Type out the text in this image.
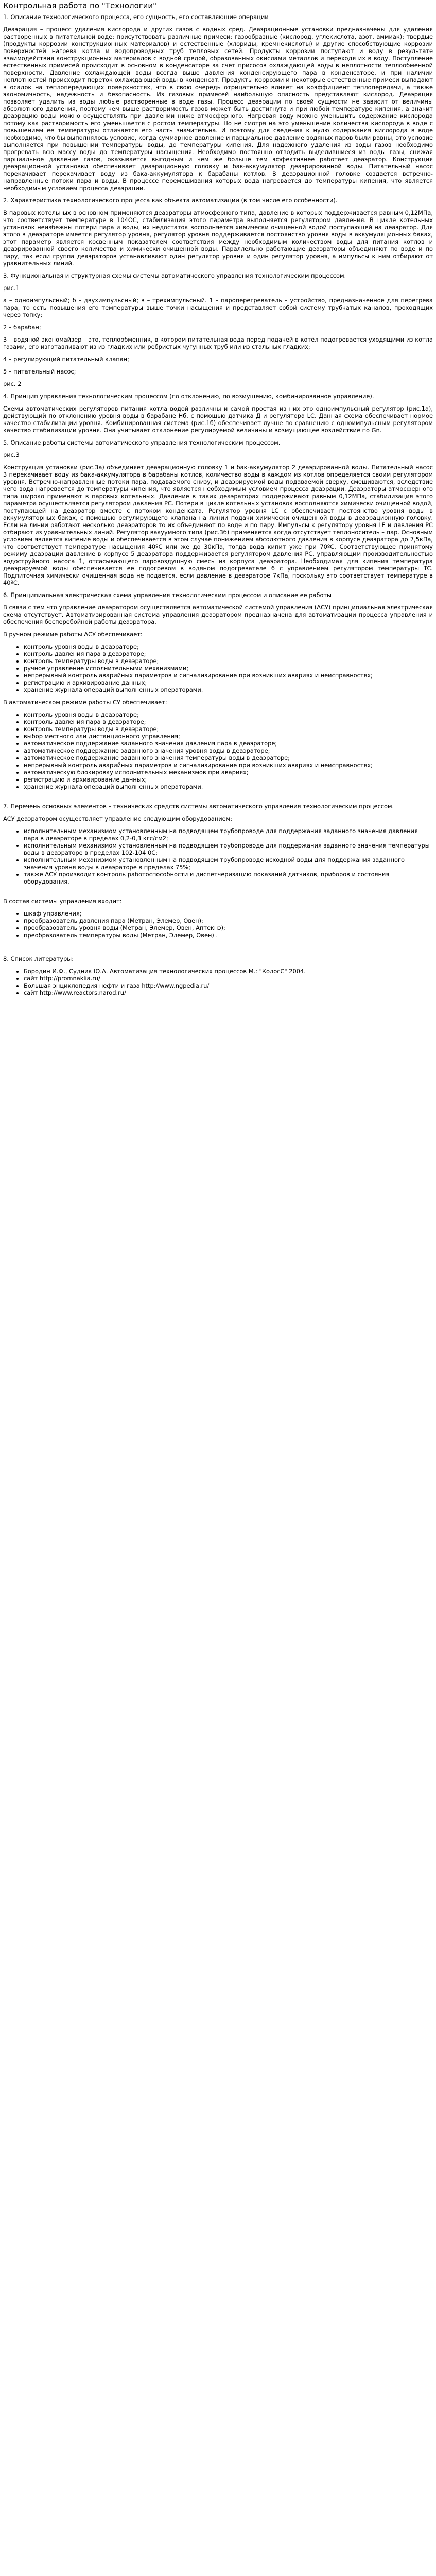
Контрольная работа по "Технологии"

1. Описание технологического процесса, его сущность, его составляющие операции

Деаэрация – процесс удаления кислорода и других газов с водных сред. Деаэрационные установки предназначены для удаления растворенных в питательной воде; присутствовать различные примеси: газообразные (кислород, углекислота, азот, аммиак); твердые (продукты коррозии конструкционных материалов) и естественные (хлориды, кремнекислоты) и другие способствующие коррозии поверхностей нагрева котла и водопроводных труб тепловых сетей. Продукты коррозии поступают и воду в результате взаимодействия конструкционных материалов с водной средой, образованных окислами металлов и переходя их в воду. Поступление естественных примесей происходит в основном в конденсаторе за счет присосов охлаждающей воды в неплотности теплообменной поверхности. Давление охлаждающей воды всегда выше давления конденсирующего пара в конденсаторе, и при наличии неплотностей происходит переток охлаждающей воды в конденсат. Продукты коррозии и некоторые естественные примеси выпадают в осадок на теплопередающих поверхностях, что в свою очередь отрицательно влияет на коэффициент теплопередачи, а также экономичность, надежность и безопасность. Из газовых примесей наибольшую опасность представляют кислород. Деаэрация позволяет удалить из воды любые растворенные в воде газы. Процесс деаэрации по своей сущности не зависит от величины абсолютного давления, поэтому чем выше растворимость газов может быть достигнута и при любой температуре кипения, а значит деаэрацию воды можно осуществлять при давлении ниже атмосферного. Нагревая воду можно уменьшить содержание кислорода потому как растворимость его уменьшается с ростом температуры. Но не смотря на это уменьшение количества кислорода в воде с повышением ее температуры отличается его часть значительна. И поэтому для сведения к нулю содержания кислорода в воде необходимо, что бы выполнялось условие, когда суммарное давление и парциальное давление водяных паров были равны, это условие выполняется при повышении температуры воды, до температуры кипения. Для надежного удаления из воды газов необходимо прогревать всю массу воды до температуры насыщения. Необходимо постоянно отводить выделившиеся из воды газы, снижая парциальное давление газов, оказывается выгодным и чем же больше тем эффективнее работает деаэратор. Конструкция деаэрационной установки обеспечивает деаэрационную головку и бак-аккумулятор деаэрированной воды. Питательный насос перекачивает перекачивает воду из бака-аккумулятора к барабаны котлов. В деаэрационной головке создается встречно-направленные потоки пара и воды. В процессе перемешивания которых вода нагревается до температуры кипения, что является необходимым условием процесса деаэрации.

2. Характеристика технологического процесса как объекта автоматизации (в том числе его особенности).

В паровых котельных в основном применяются деаэраторы атмосферного типа, давление в которых поддерживается равным 0,12МПа, что соответствует температуре в 104ОС, стабилизация этого параметра выполняется регулятором давления. В цикле котельных установок неизбежны потери пара и воды, их недостаток восполняется химически очищенной водой поступающей на деаэратор. Для этого в деаэраторе имеется регулятор уровня, регулятор уровня поддерживается постоянство уровня воды в аккумуляционных баках, этот параметр является косвенным показателем соответствия между необходимым количеством воды для питания котлов и деаэрированной своего количества и химически очищенной воды. Параллельно работающие деаэраторы объединяют по воде и по пару, так если группа деаэраторов устанавливают один регулятор уровня и один регулятор уровня, а импульсы к ним отбирают от уравнительных линий.

3. Функциональная и структурная схемы системы автоматического управления технологическим процессом.

рис.1

а – одноимпульсный; б – двухимпульсный; в – трехимпульсный. 1 – пароперегреватель – устройство, предназначенное для перегрева пара, то есть повышения его температуры выше точки насыщения и представляет собой систему трубчатых каналов, проходящих через топку;

2 – барабан;

3 – водяной экономайзер – это, теплообменник, в котором питательная вода перед подачей в котёл подогревается уходящими из котла газами, его изготавливают из из гладких или ребристых чугунных труб или из стальных гладких;

4 – регулирующий питательный клапан;

5 – питательный насос;

рис. 2

4. Принцип управления технологическим процессом (по отклонению, по возмущению, комбинированное управление).

Схемы автоматических регуляторов питания котла водой различны и самой простая из них это одноимпульсный регулятор (рис.1а), действующий по отклонению уровня воды в барабане Hб, с помощью датчика Д и регулятора LC. Данная схема обеспечивает нормое качество стабилизации уровня. Комбинированная система (рис.1б) обеспечивает лучше по сравнению с одноимпульсным регулятором качество стабилизации уровня. Она учитывает отклонение регулируемой величины и возмущающее воздействие по Gn.

5. Описание работы системы автоматического управления технологическим процессом.

рис.3

Конструкция установки (рис.3а) объединяет деаэрационную головку 1 и бак-аккумулятор 2 деаэрированной воды. Питательный насос 3 перекачивает воду из бака-аккумулятора в барабаны котлов, количество воды в каждом из котлов определяется своим регулятором уровня. Встречно-направленные потоки пара, подаваемого снизу, и деаэрируемой воды подаваемой сверху, смешиваются, вследствие чего вода нагревается до температуры кипения, что является необходимым условием процесса деаэрации. Деаэраторы атмосферного типа широко применяют в паровых котельных. Давление в таких деаэраторах поддерживают равным 0,12МПа, стабилизация этого параметра осуществляется регулятором давления PC. Потери в цикле котельных установок восполняются химически очищенной водой, поступающей на деаэратор вместе с потоком конденсата. Регулятор уровня LC с обеспечивает постоянство уровня воды в аккумуляторных баках, с помощью регулирующего клапана на линии подачи химически очищенной воды в деаэрационную головку. Если на линии работают несколько деаэраторов то их объединяют по воде и по пару. Импульсы к регулятору уровня LE и давления PC отбирают из уравнительных линий. Регулятор вакуумного типа (рис.3б) применяется когда отсутствует теплоноситель – пар. Основным условием является кипение воды и обеспечивается в этом случае понижением абсолютного давления в корпусе деаэратора до 7,5кПа, что соответствует температуре насыщения 40ºС или же до 30кПа, тогда вода кипит уже при 70ºС. Соответствующее принятому режиму деаэрации давление в корпусе 5 деаэратора поддерживается регулятором давления PC, управляющим производительностью водоструйного насоса 1, отсасывающего паровоздушную смесь из корпуса деаэратора. Необходимая для кипения температура деаэрируемой воды обеспечивается ее подогревом в водяном подогревателе 6 с управлением регулятором температуры TC. Подпиточная химически очищенная вода не подается, если давление в деаэраторе 7кПа, поскольку это соответствует температуре в 40ºС.

6. Принципиальная электрическая схема управления технологическим процессом и описание ее работы

В связи с тем что управление деаэратором осуществляется автоматической системой управления (АСУ) принципиальная электрическая схема отсутствует. Автоматизированная система управления деаэратором предназначена для автоматизации процесса управления и обеспечения бесперебойной работы деаэратора.

В ручном режиме работы АСУ обеспечивает:

• контроль уровня воды в деаэраторе;
• контроль давления пара в деаэраторе;
• контроль температуры воды в деаэраторе;
• ручное управление исполнительными механизмами;
• непрерывный контроль аварийных параметров и сигнализирование при возникших авариях и неисправностях;
• регистрацию и архивирование данных;
• хранение журнала операций выполненных операторами.

В автоматическом режиме работы СУ обеспечивает:

• контроль уровня воды в деаэраторе;
• контроль давления пара в деаэраторе;
• контроль температуры воды в деаэраторе;
• выбор местного или дистанционного управления;
• автоматическое поддержание заданного значения давления пара в деаэраторе;
• автоматическое поддержание заданного значения уровня воды в деаэраторе;
• автоматическое поддержание заданного значения температуры воды в деаэраторе;
• непрерывный контроль аварийных параметров и сигнализирование при возникших авариях и неисправностях;
• автоматическую блокировку исполнительных механизмов при авариях;
• регистрацию и архивирование данных;
• хранение журнала операций выполненных операторами.

7. Перечень основных элементов – технических средств системы автоматического управления технологическим процессом.

АСУ деаэратором осуществляет управление следующим оборудованием:

• исполнительным механизмом установленным на подводящем трубопроводе для поддержания заданного значения давления пара в деаэраторе в пределах 0,2-0,3 кгс/см2;
• исполнительным механизмом установленным на подводящем трубопроводе для поддержания заданного значения температуры воды в деаэраторе в пределах 102-104 0С;
• исполнительным механизмом установленным на подводящем трубопроводе исходной воды для поддержания заданного значения уровня воды в деаэраторе в пределах 75%;
• также АСУ производит контроль работоспособности и диспетчеризацию показаний датчиков, приборов и состояния оборудования.

В состав системы управления входит:

• шкаф управления;
• преобразователь давления пара (Метран, Элемер, Овен);
• преобразователь уровня воды (Метран, Элемер, Овен, Аптекнэ);
• преобразователь температуры воды (Метран, Элемер, Овен) .

8. Список литературы:

• Бородин И.Ф., Судник Ю.А. Автоматизация технологических процессов М.: "КолосС" 2004.
• сайт http://promnaklia.ru/
• Большая энциклопедия нефти и газа http://www.ngpedia.ru/
• сайт http://www.reactors.narod.ru/
